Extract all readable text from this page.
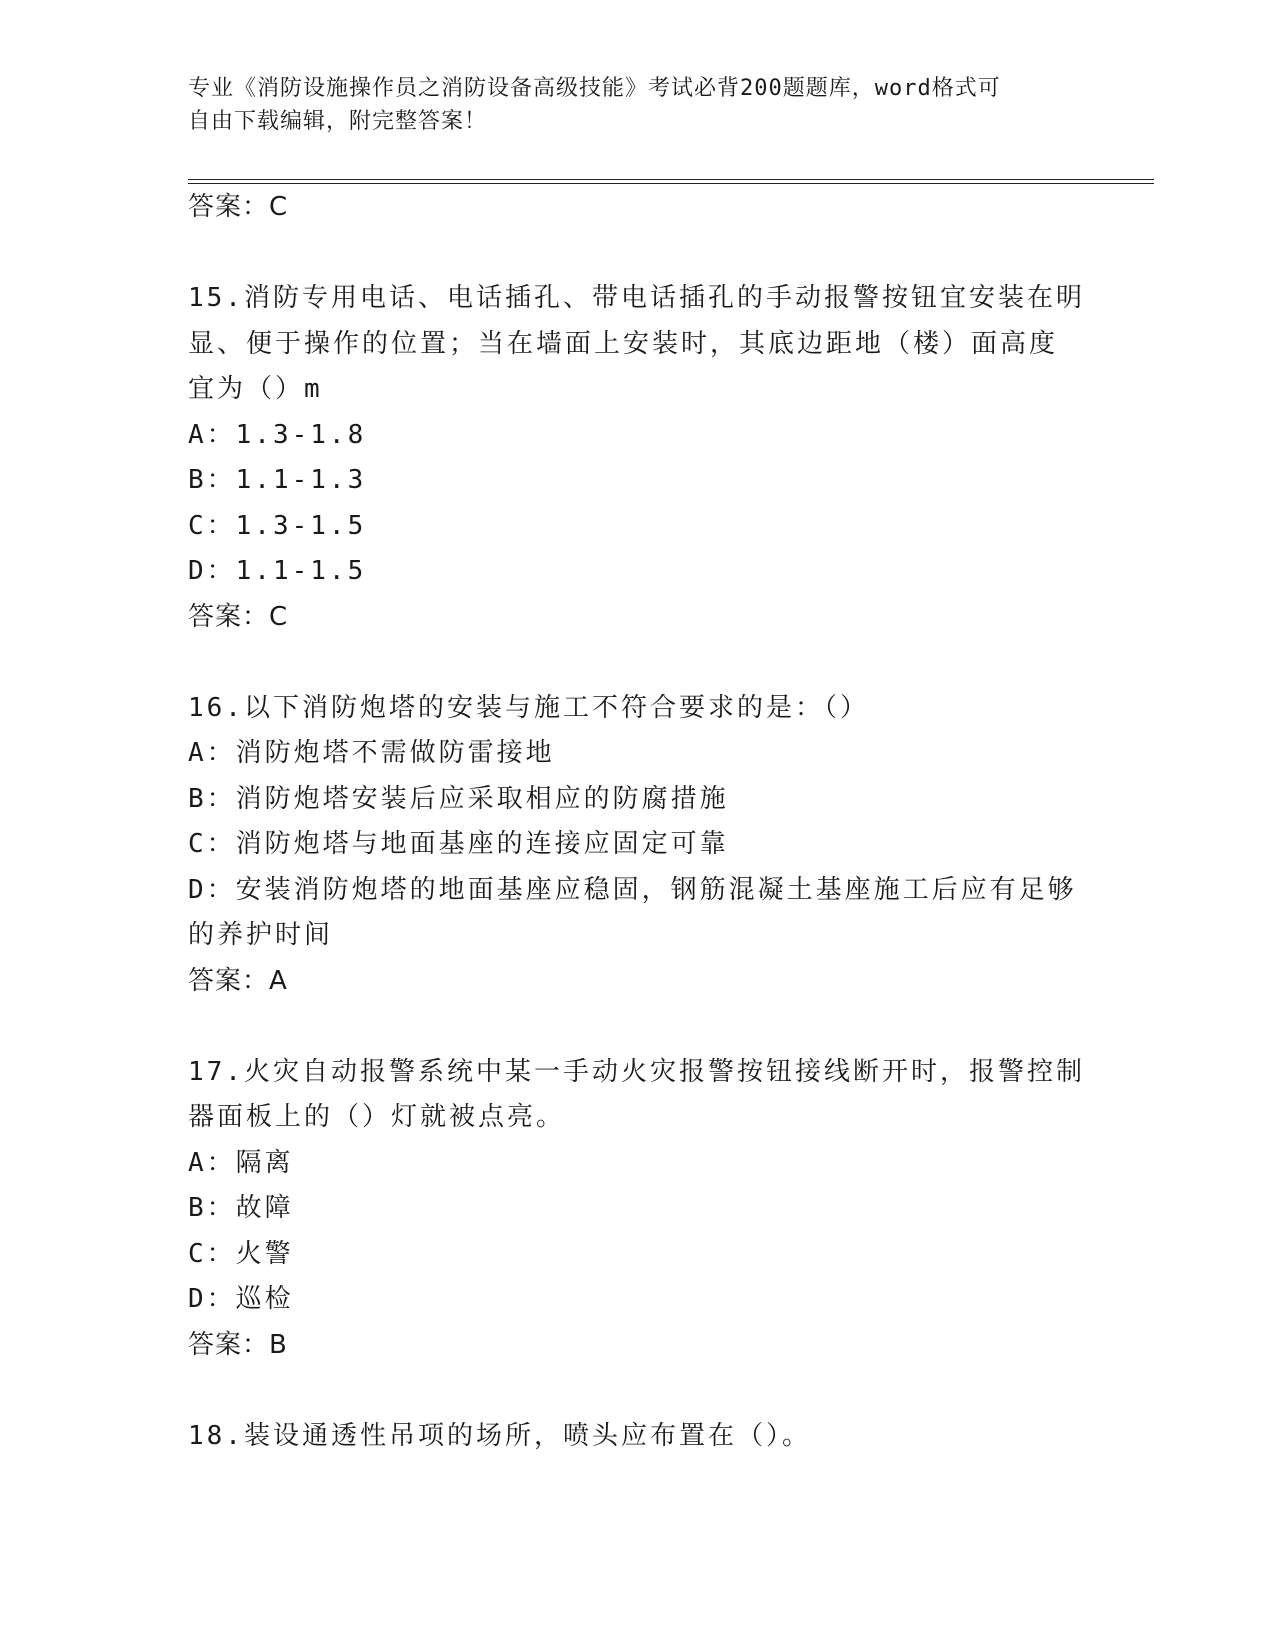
专业《消防设施操作员之消防设备高级技能》考试必背200题题库，word格式可
自由下载编辑，附完整答案！
答案：C
15.消防专用电话、电话插孔、带电话插孔的手动报警按钮宜安装在明
显、便于操作的位置；当在墙面上安装时，其底边距地（楼）面高度
宜为（）m
A：1.3-1.8
B：1.1-1.3
C：1.3-1.5
D：1.1-1.5
答案：C
16.以下消防炮塔的安装与施工不符合要求的是：（）
A：消防炮塔不需做防雷接地
B：消防炮塔安装后应采取相应的防腐措施
C：消防炮塔与地面基座的连接应固定可靠
D：安装消防炮塔的地面基座应稳固，钢筋混凝土基座施工后应有足够
的养护时间
答案：A
17.火灾自动报警系统中某一手动火灾报警按钮接线断开时，报警控制
器面板上的（）灯就被点亮。
A：隔离
B：故障
C：火警
D：巡检
答案：B
18.装设通透性吊项的场所，喷头应布置在（）。
